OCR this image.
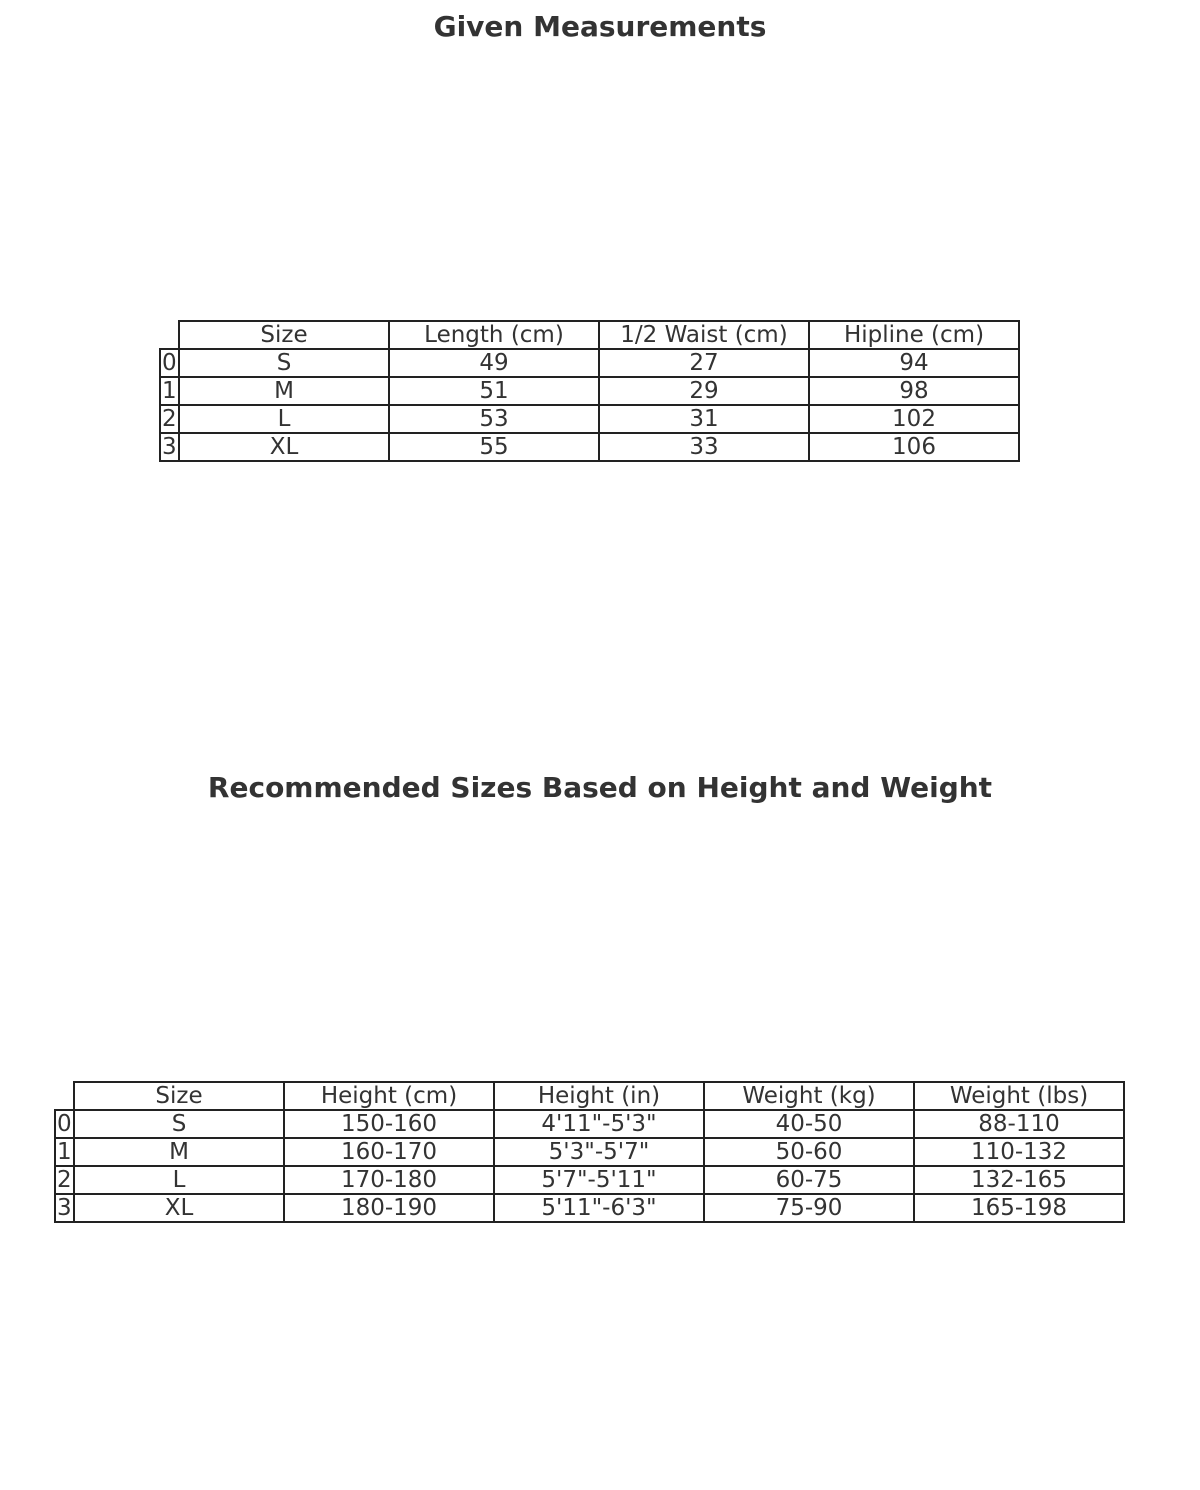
Given Measurements
	Size	Length (cm)	1/2 Waist (cm)	Hipline (cm)
0	S	49	27	94
1	M	51	29	98
2	L	53	31	102
3	XL	55	33	106
Recommended Sizes Based on Height and Weight
	Size	Height (cm)	Height (in)	Weight (kg)	Weight (lbs)
0	S	150-160	4'11"-5'3"	40-50	88-110
1	M	160-170	5'3"-5'7"	50-60	110-132
2	L	170-180	5'7"-5'11"	60-75	132-165
3	XL	180-190	5'11"-6'3"	75-90	165-198
